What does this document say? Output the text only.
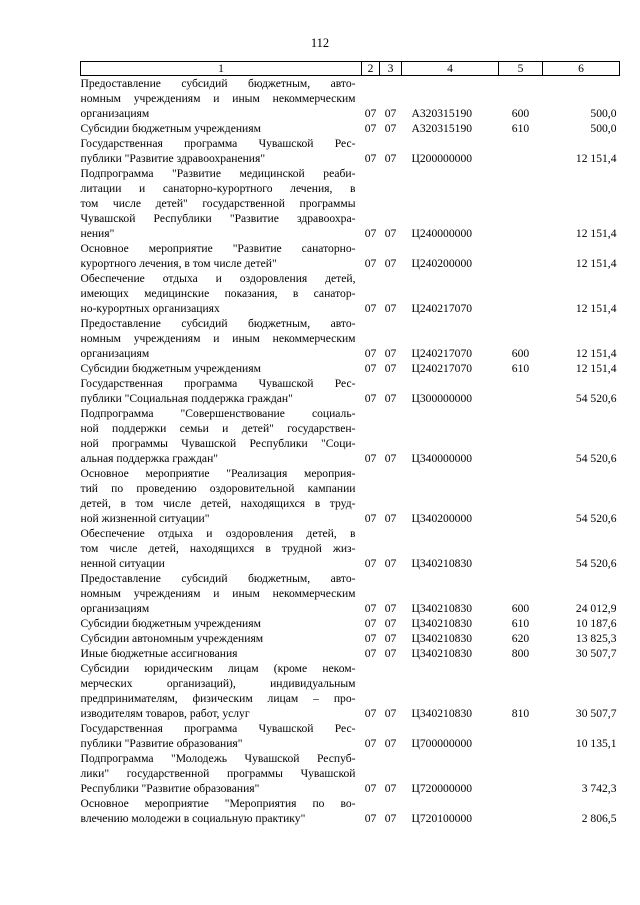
112
1	2	3	4	5	6

Предоставление субсидий бюджетным, авто-
номным учреждениям и иным некоммерческим
организациям	07	07	А320315190	600	500,0

Субсидии бюджетным учреждениям	07	07	А320315190	610	500,0

Государственная программа Чувашской Рес-
публики "Развитие здравоохранения"	07	07	Ц200000000		12 151,4

Подпрограмма "Развитие медицинской реаби-
литации и санаторно-курортного лечения, в
том числе детей" государственной программы
Чувашской Республики "Развитие здравоохра-
нения"	07	07	Ц240000000		12 151,4

Основное мероприятие "Развитие санаторно-
курортного лечения, в том числе детей"	07	07	Ц240200000		12 151,4

Обеспечение отдыха и оздоровления детей,
имеющих медицинские показания, в санатор-
но-курортных организациях	07	07	Ц240217070		12 151,4

Предоставление субсидий бюджетным, авто-
номным учреждениям и иным некоммерческим
организациям	07	07	Ц240217070	600	12 151,4

Субсидии бюджетным учреждениям	07	07	Ц240217070	610	12 151,4

Государственная программа Чувашской Рес-
публики "Социальная поддержка граждан"	07	07	Ц300000000		54 520,6

Подпрограмма "Совершенствование социаль-
ной поддержки семьи и детей" государствен-
ной программы Чувашской Республики "Соци-
альная поддержка граждан"	07	07	Ц340000000		54 520,6

Основное мероприятие "Реализация мероприя-
тий по проведению оздоровительной кампании
детей, в том числе детей, находящихся в труд-
ной жизненной ситуации"	07	07	Ц340200000		54 520,6

Обеспечение отдыха и оздоровления детей, в
том числе детей, находящихся в трудной жиз-
ненной ситуации	07	07	Ц340210830		54 520,6

Предоставление субсидий бюджетным, авто-
номным учреждениям и иным некоммерческим
организациям	07	07	Ц340210830	600	24 012,9

Субсидии бюджетным учреждениям	07	07	Ц340210830	610	10 187,6

Субсидии автономным учреждениям	07	07	Ц340210830	620	13 825,3

Иные бюджетные ассигнования	07	07	Ц340210830	800	30 507,7

Субсидии юридическим лицам (кроме неком-
мерческих организаций), индивидуальным
предпринимателям, физическим лицам – про-
изводителям товаров, работ, услуг	07	07	Ц340210830	810	30 507,7

Государственная программа Чувашской Рес-
публики "Развитие образования"	07	07	Ц700000000		10 135,1

Подпрограмма "Молодежь Чувашской Респуб-
лики" государственной программы Чувашской
Республики "Развитие образования"	07	07	Ц720000000		3 742,3

Основное мероприятие "Мероприятия по во-
влечению молодежи в социальную практику"	07	07	Ц720100000		2 806,5
